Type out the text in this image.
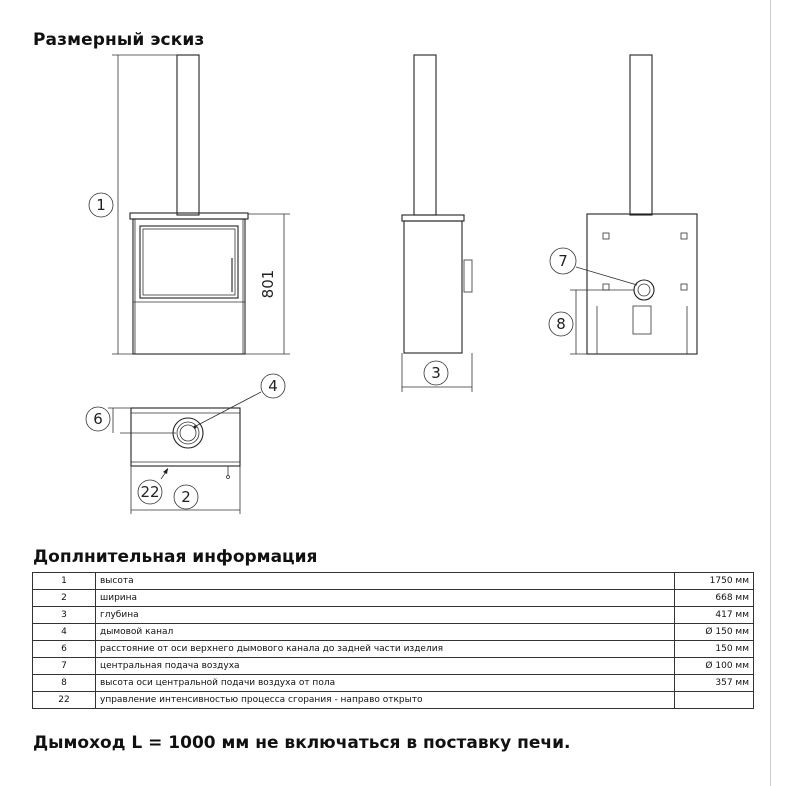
Размерный эскиз
801
1
3
7
8
4
6
22 2
Доплнительная информация
1	высота	1750 мм
2	ширина	668 мм
3	глубина	417 мм
4	дымовой канал	Ø 150 мм
6	расстояние от оси верхнего дымового канала до задней части изделия	150 мм
7	центральная подача воздуха	Ø 100 мм
8	высота оси центральной подачи воздуха от пола	357 мм
22	управление интенсивностью процесса сгорания - направо открыто	
Дымоход L = 1000 мм не включаться в поставку печи.
